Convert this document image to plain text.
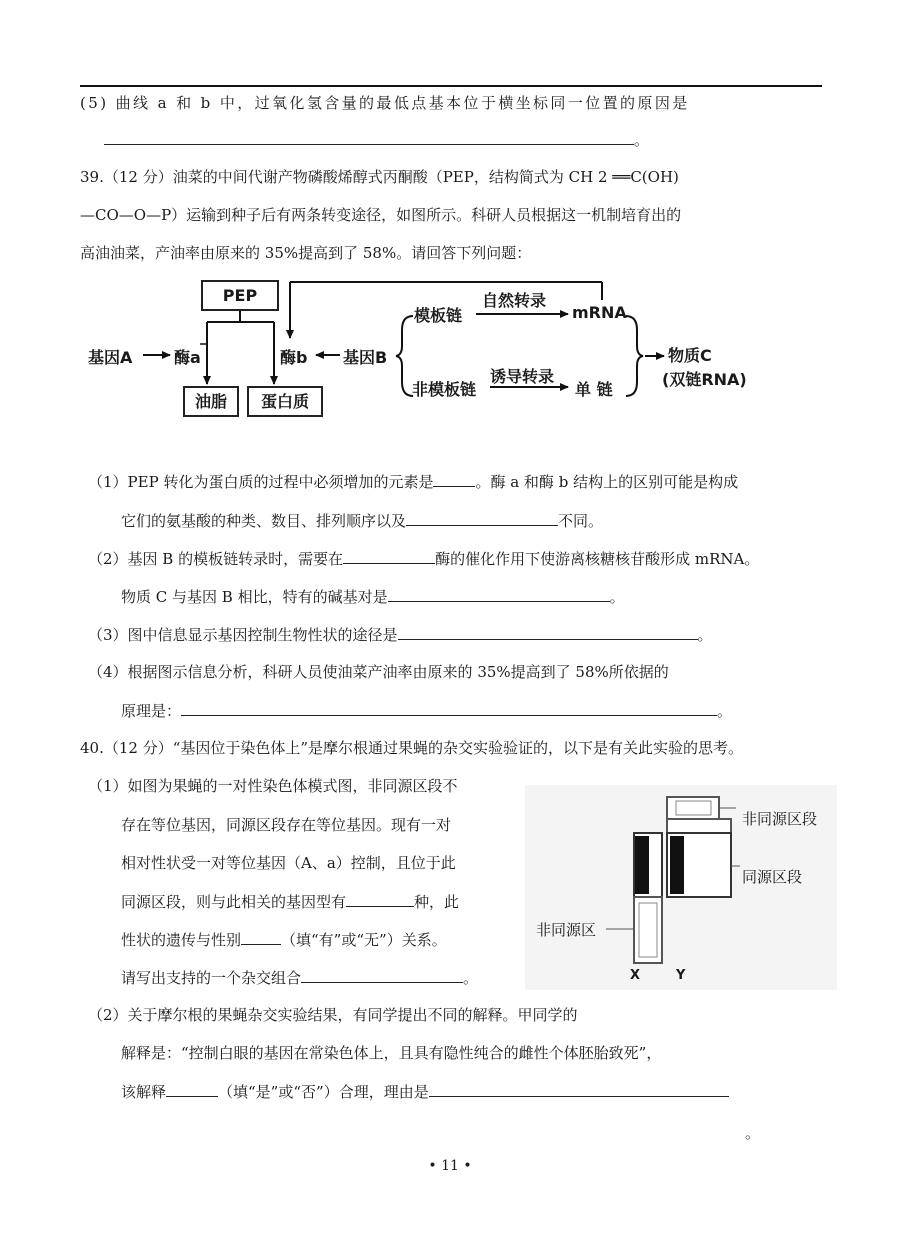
(5) 曲线 a 和 b 中，过氧化氢含量的最低点基本位于横坐标同一位置的原因是
。
39.（12 分）油菜的中间代谢产物磷酸烯醇式丙酮酸（PEP，结构简式为 CH 2 ══C(OH)
—CO—O—P）运输到种子后有两条转变途径，如图所示。科研人员根据这一机制培育出的
高油油菜，产油率由原来的 35%提高到了 58%。请回答下列问题：
PEP
基因A	酶a	酶b 基因B
油脂	蛋白质
模板链
自然转录
mRNA
非模板链
诱导转录
单 链
物质C
(双链RNA)
（1）PEP 转化为蛋白质的过程中必须增加的元素是	。酶 a 和酶 b 结构上的区别可能是构成
它们的氨基酸的种类、数目、排列顺序以及	不同。
（2）基因 B 的模板链转录时，需要在	酶的催化作用下使游离核糖核苷酸形成 mRNA。
物质 C 与基因 B 相比，特有的碱基对是	。
（3）图中信息显示基因控制生物性状的途径是	。
（4）根据图示信息分析，科研人员使油菜产油率由原来的 35%提高到了 58%所依据的
原理是：	。
40.（12 分）“基因位于染色体上”是摩尔根通过果蝇的杂交实验验证的，以下是有关此实验的思考。
（1）如图为果蝇的一对性染色体模式图，非同源区段不
存在等位基因，同源区段存在等位基因。现有一对
相对性状受一对等位基因（A、a）控制，且位于此
同源区段，则与此相关的基因型有	种，此
性状的遗传与性别	（填“有”或“无”）关系。
请写出支持的一个杂交组合	。
非同源区段
同源区段
非同源区
X	Y
（2）关于摩尔根的果蝇杂交实验结果，有同学提出不同的解释。甲同学的
解释是：“控制白眼的基因在常染色体上，且具有隐性纯合的雌性个体胚胎致死”，
该解释	（填“是”或“否”）合理，理由是
。
• 11 •
